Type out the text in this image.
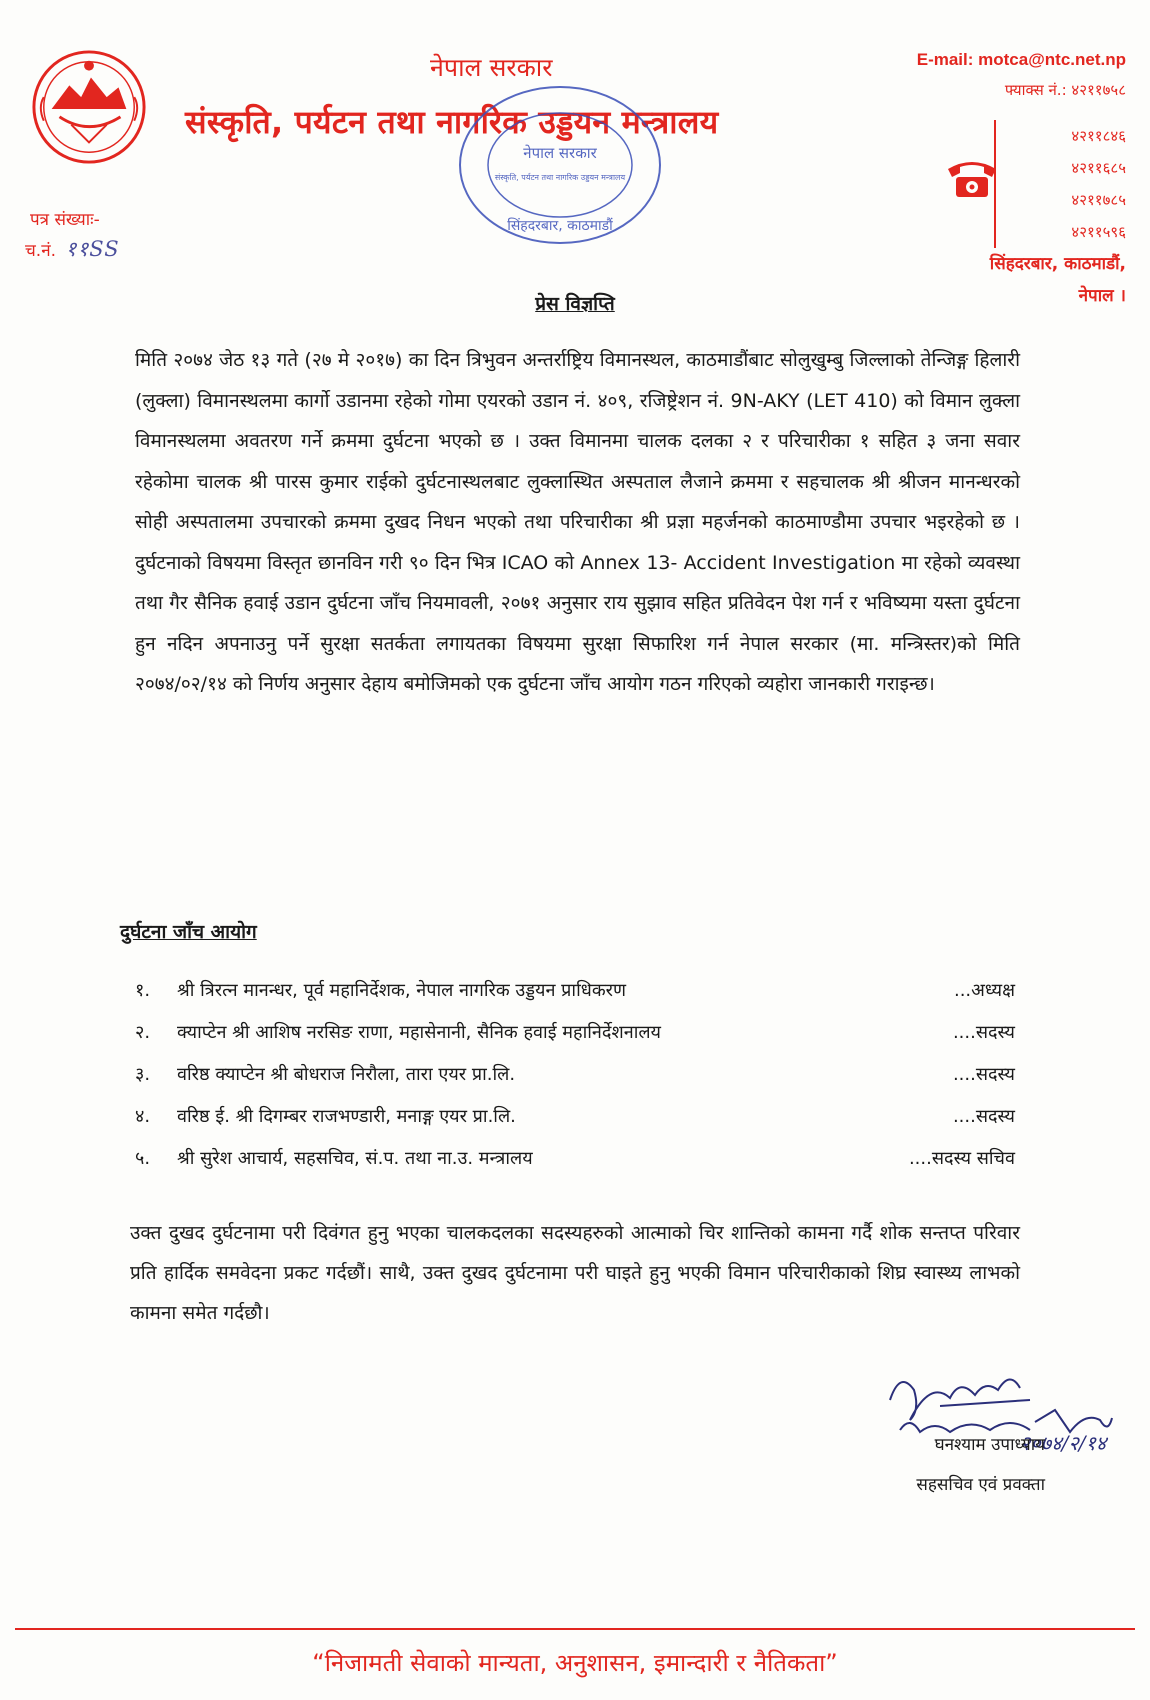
नेपाल सरकार
संस्कृति, पर्यटन तथा नागरिक उड्डयन मन्त्रालय
पत्र संख्याः-
च.नं. ११SS
नेपाल सरकार
संस्कृति, पर्यटन तथा नागरिक उड्डयन मन्त्रालय
सिंहदरबार, काठमाडौं
E-mail: motca@ntc.net.np
फ्याक्स नं.: ४२११७५८
४२११८४६
४२११६८५
४२११७८५
४२११५९६
सिंहदरबार, काठमाडौं,
नेपाल ।
प्रेस विज्ञप्ति
मिति २०७४ जेठ १३ गते (२७ मे २०१७) का दिन त्रिभुवन अन्तर्राष्ट्रिय विमानस्थल, काठमाडौंबाट सोलुखुम्बु जिल्लाको तेन्जिङ्ग हिलारी (लुक्ला) विमानस्थलमा कार्गो उडानमा रहेको गोमा एयरको उडान नं. ४०९, रजिष्ट्रेशन नं. 9N-AKY (LET 410) को विमान लुक्ला विमानस्थलमा अवतरण गर्ने क्रममा दुर्घटना भएको छ । उक्त विमानमा चालक दलका २ र परिचारीका १ सहित ३ जना सवार रहेकोमा चालक श्री पारस कुमार राईको दुर्घटनास्थलबाट लुक्लास्थित अस्पताल लैजाने क्रममा र सहचालक श्री श्रीजन मानन्धरको सोही अस्पतालमा उपचारको क्रममा दुखद निधन भएको तथा परिचारीका श्री प्रज्ञा महर्जनको काठमाण्डौमा उपचार भइरहेको छ । दुर्घटनाको विषयमा विस्तृत छानविन गरी ९० दिन भित्र ICAO को Annex 13- Accident Investigation मा रहेको व्यवस्था तथा गैर सैनिक हवाई उडान दुर्घटना जाँच नियमावली, २०७१ अनुसार राय सुझाव सहित प्रतिवेदन पेश गर्न र भविष्यमा यस्ता दुर्घटना हुन नदिन अपनाउनु पर्ने सुरक्षा सतर्कता लगायतका विषयमा सुरक्षा सिफारिश गर्न नेपाल सरकार (मा. मन्त्रिस्तर)को मिति २०७४/०२/१४ को निर्णय अनुसार देहाय बमोजिमको एक दुर्घटना जाँच आयोग गठन गरिएको व्यहोरा जानकारी गराइन्छ।
दुर्घटना जाँच आयोग
१.	श्री त्रिरत्न मानन्धर, पूर्व महानिर्देशक, नेपाल नागरिक उड्डयन प्राधिकरण	...अध्यक्ष
२.	क्याप्टेन श्री आशिष नरसिङ राणा, महासेनानी, सैनिक हवाई महानिर्देशनालय	....सदस्य
३.	वरिष्ठ क्याप्टेन श्री बोधराज निरौला, तारा एयर प्रा.लि.	....सदस्य
४.	वरिष्ठ ई. श्री दिगम्बर राजभण्डारी, मनाङ्ग एयर प्रा.लि.	....सदस्य
५.	श्री सुरेश आचार्य, सहसचिव, सं.प. तथा ना.उ. मन्त्रालय	....सदस्य सचिव
उक्त दुखद दुर्घटनामा परी दिवंगत हुनु भएका चालकदलका सदस्यहरुको आत्माको चिर शान्तिको कामना गर्दै शोक सन्तप्त परिवार प्रति हार्दिक समवेदना प्रकट गर्दछौं। साथै, उक्त दुखद दुर्घटनामा परी घाइते हुनु भएकी विमान परिचारीकाको शिघ्र स्वास्थ्य लाभको कामना समेत गर्दछौ।
२०७४/२/१४
घनश्याम उपाध्याय
सहसचिव एवं प्रवक्ता
“निजामती सेवाको मान्यता, अनुशासन, इमान्दारी र नैतिकता”
